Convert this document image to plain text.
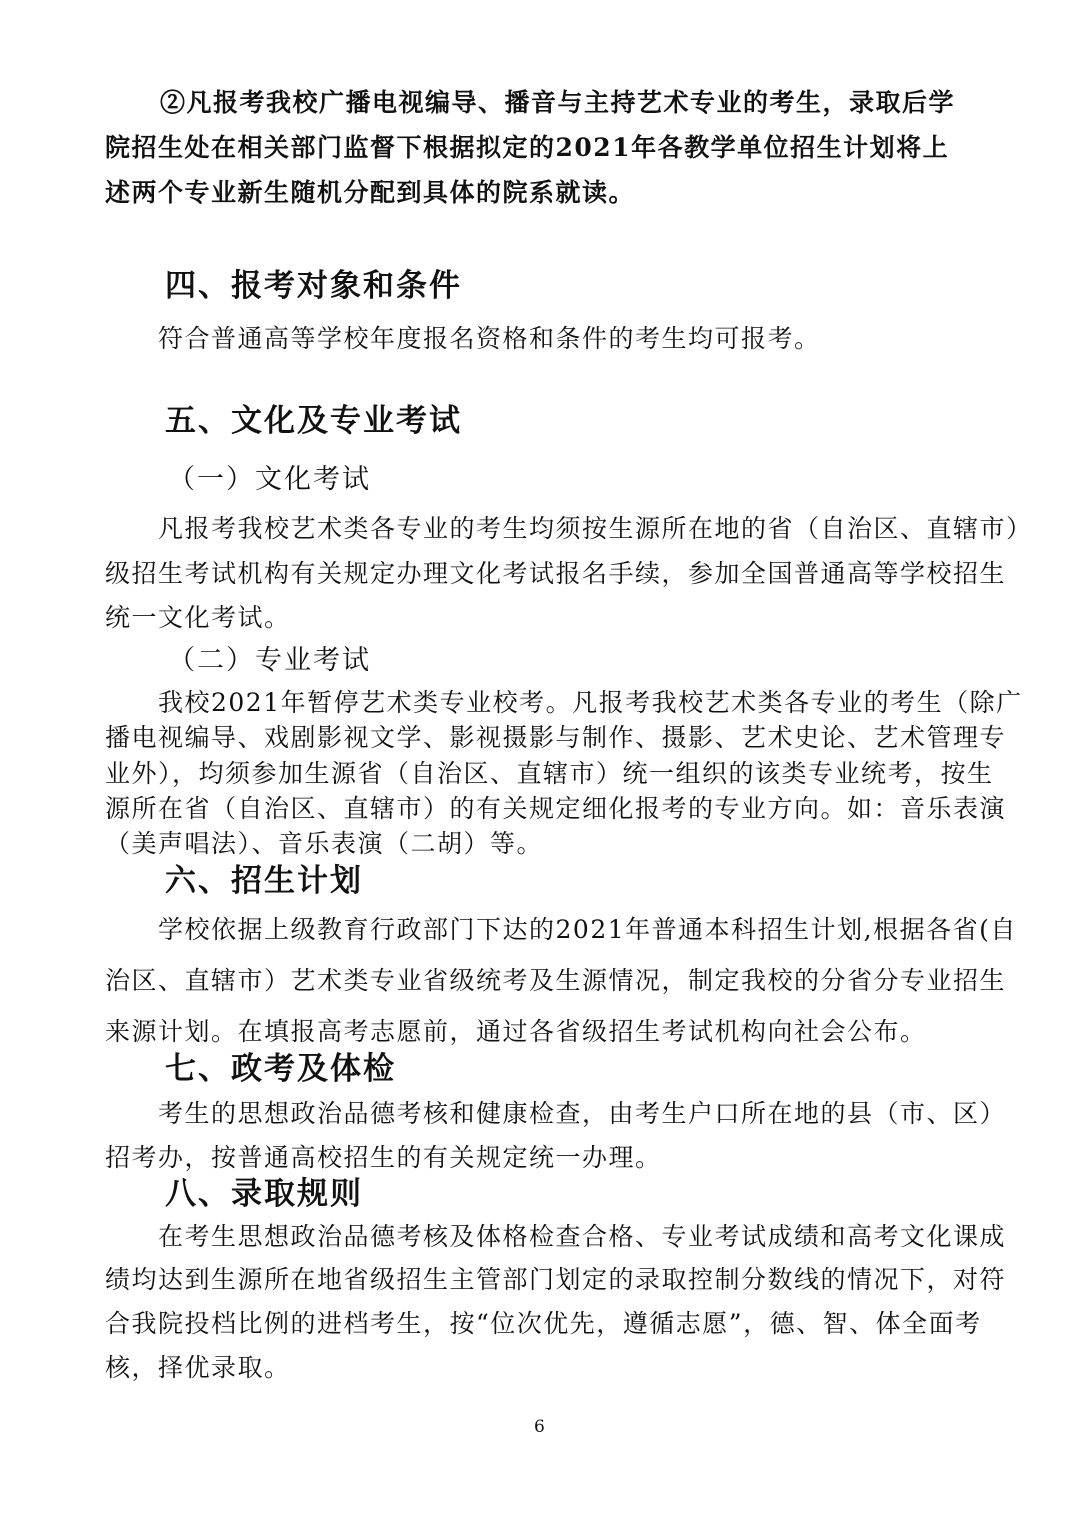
②凡报考我校广播电视编导、播音与主持艺术专业的考生，录取后学
院招生处在相关部门监督下根据拟定的2021年各教学单位招生计划将上
述两个专业新生随机分配到具体的院系就读。
四、报考对象和条件
符合普通高等学校年度报名资格和条件的考生均可报考。
五、文化及专业考试
（一）文化考试
凡报考我校艺术类各专业的考生均须按生源所在地的省（自治区、直辖市）
级招生考试机构有关规定办理文化考试报名手续，参加全国普通高等学校招生
统一文化考试。
（二）专业考试
我校2021年暂停艺术类专业校考。凡报考我校艺术类各专业的考生（除广
播电视编导、戏剧影视文学、影视摄影与制作、摄影、艺术史论、艺术管理专
业外），均须参加生源省（自治区、直辖市）统一组织的该类专业统考，按生
源所在省（自治区、直辖市）的有关规定细化报考的专业方向。如：音乐表演
（美声唱法）、音乐表演（二胡）等。
六、招生计划
学校依据上级教育行政部门下达的2021年普通本科招生计划,根据各省(自
治区、直辖市）艺术类专业省级统考及生源情况，制定我校的分省分专业招生
来源计划。在填报高考志愿前，通过各省级招生考试机构向社会公布。
七、政考及体检
考生的思想政治品德考核和健康检查，由考生户口所在地的县（市、区）
招考办，按普通高校招生的有关规定统一办理。
八、录取规则
在考生思想政治品德考核及体格检查合格、专业考试成绩和高考文化课成
绩均达到生源所在地省级招生主管部门划定的录取控制分数线的情况下，对符
合我院投档比例的进档考生，按“位次优先，遵循志愿”，德、智、体全面考
核，择优录取。
6
